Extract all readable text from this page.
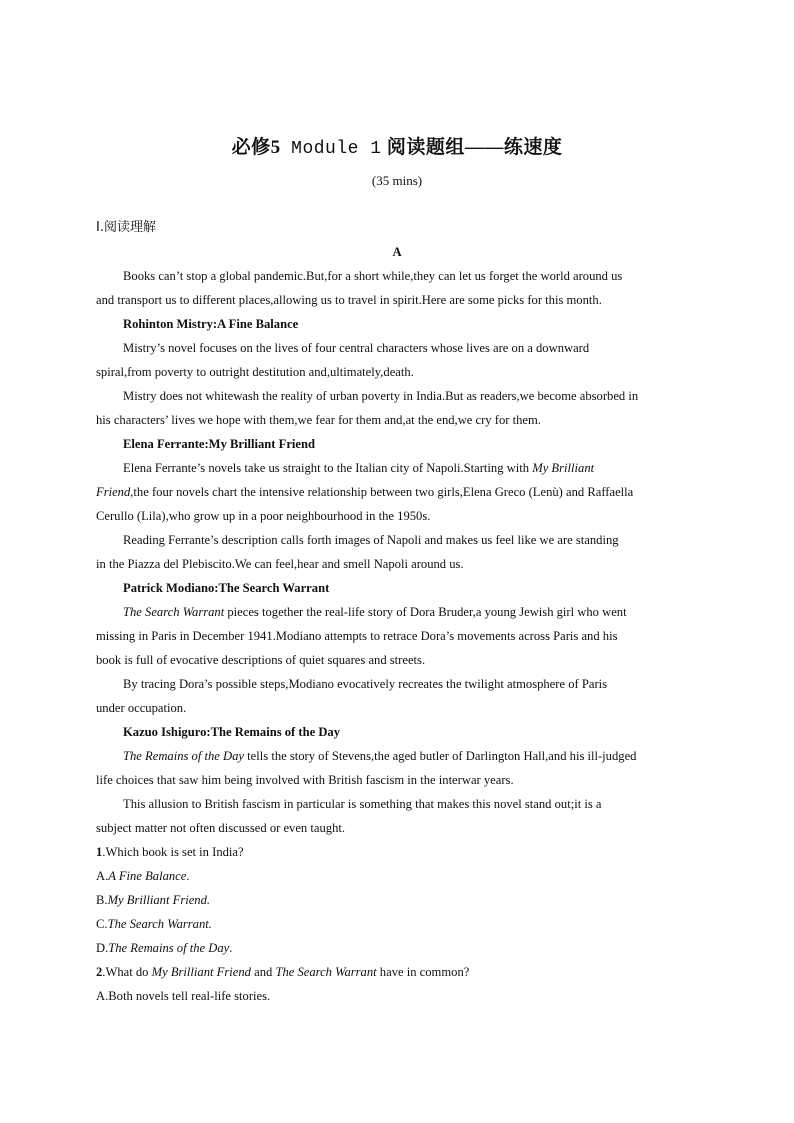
必修5 Module 1 阅读题组——练速度
(35 mins)
Ⅰ.阅读理解
A
Books can’t stop a global pandemic.But,for a short while,they can let us forget the world around us
and transport us to different places,allowing us to travel in spirit.Here are some picks for this month.
Rohinton Mistry:A Fine Balance
Mistry’s novel focuses on the lives of four central characters whose lives are on a downward
spiral,from poverty to outright destitution and,ultimately,death.
Mistry does not whitewash the reality of urban poverty in India.But as readers,we become absorbed in
his characters’ lives we hope with them,we fear for them and,at the end,we cry for them.
Elena Ferrante:My Brilliant Friend
Elena Ferrante’s novels take us straight to the Italian city of Napoli.Starting with My Brilliant
Friend,the four novels chart the intensive relationship between two girls,Elena Greco (Lenù) and Raffaella
Cerullo (Lila),who grow up in a poor neighbourhood in the 1950s.
Reading Ferrante’s description calls forth images of Napoli and makes us feel like we are standing
in the Piazza del Plebiscito.We can feel,hear and smell Napoli around us.
Patrick Modiano:The Search Warrant
The Search Warrant pieces together the real-life story of Dora Bruder,a young Jewish girl who went
missing in Paris in December 1941.Modiano attempts to retrace Dora’s movements across Paris and his
book is full of evocative descriptions of quiet squares and streets.
By tracing Dora’s possible steps,Modiano evocatively recreates the twilight atmosphere of Paris
under occupation.
Kazuo Ishiguro:The Remains of the Day
The Remains of the Day tells the story of Stevens,the aged butler of Darlington Hall,and his ill-judged
life choices that saw him being involved with British fascism in the interwar years.
This allusion to British fascism in particular is something that makes this novel stand out;it is a
subject matter not often discussed or even taught.
1.Which book is set in India?
A.A Fine Balance.
B.My Brilliant Friend.
C.The Search Warrant.
D.The Remains of the Day.
2.What do My Brilliant Friend and The Search Warrant have in common?
A.Both novels tell real-life stories.
